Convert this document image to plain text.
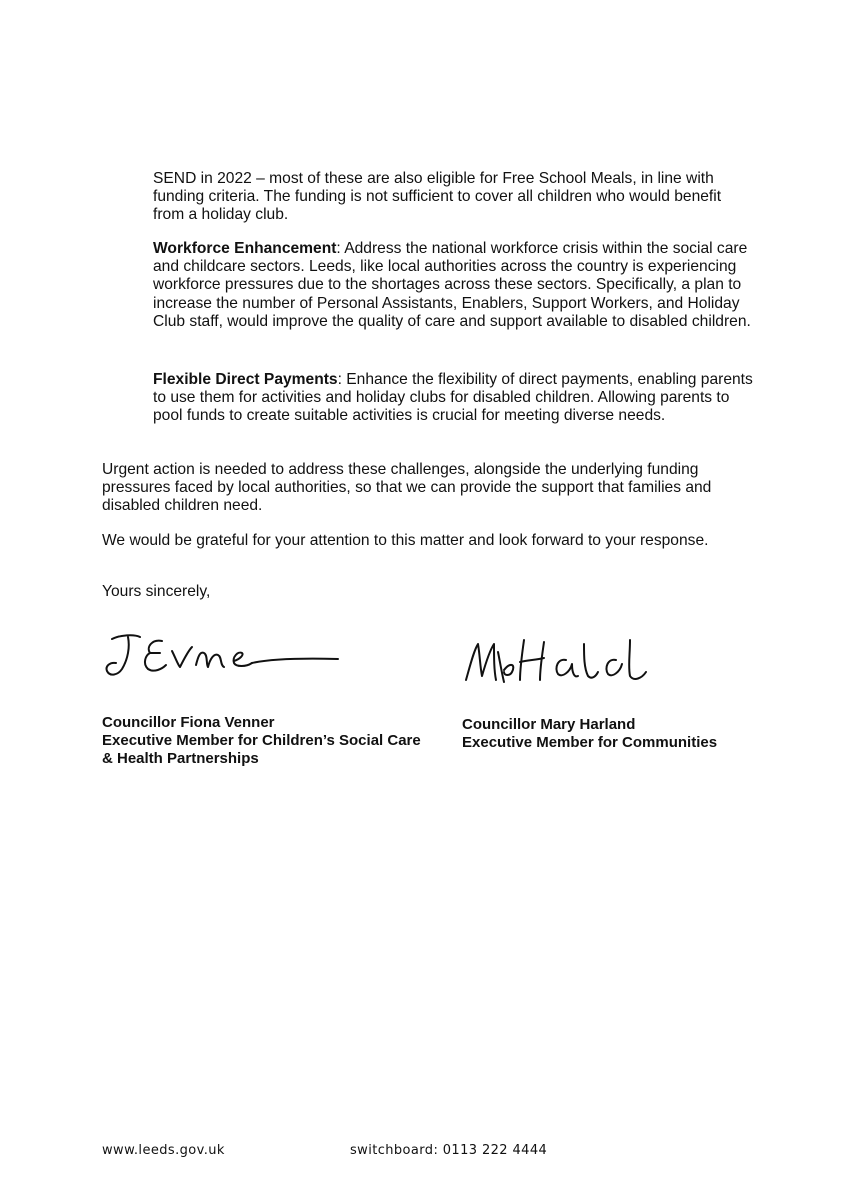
SEND in 2022 – most of these are also eligible for Free School Meals, in line with funding criteria. The funding is not sufficient to cover all children who would benefit from a holiday club.

Workforce Enhancement: Address the national workforce crisis within the social care and childcare sectors. Leeds, like local authorities across the country is experiencing workforce pressures due to the shortages across these sectors. Specifically, a plan to increase the number of Personal Assistants, Enablers, Support Workers, and Holiday Club staff, would improve the quality of care and support available to disabled children.

Flexible Direct Payments: Enhance the flexibility of direct payments, enabling parents to use them for activities and holiday clubs for disabled children. Allowing parents to pool funds to create suitable activities is crucial for meeting diverse needs.

Urgent action is needed to address these challenges, alongside the underlying funding pressures faced by local authorities, so that we can provide the support that families and disabled children need.

We would be grateful for your attention to this matter and look forward to your response.

Yours sincerely,

Councillor Fiona Venner
Executive Member for Children’s Social Care
& Health Partnerships
Councillor Mary Harland
Executive Member for Communities
www.leeds.gov.uk	switchboard: 0113 222 4444
